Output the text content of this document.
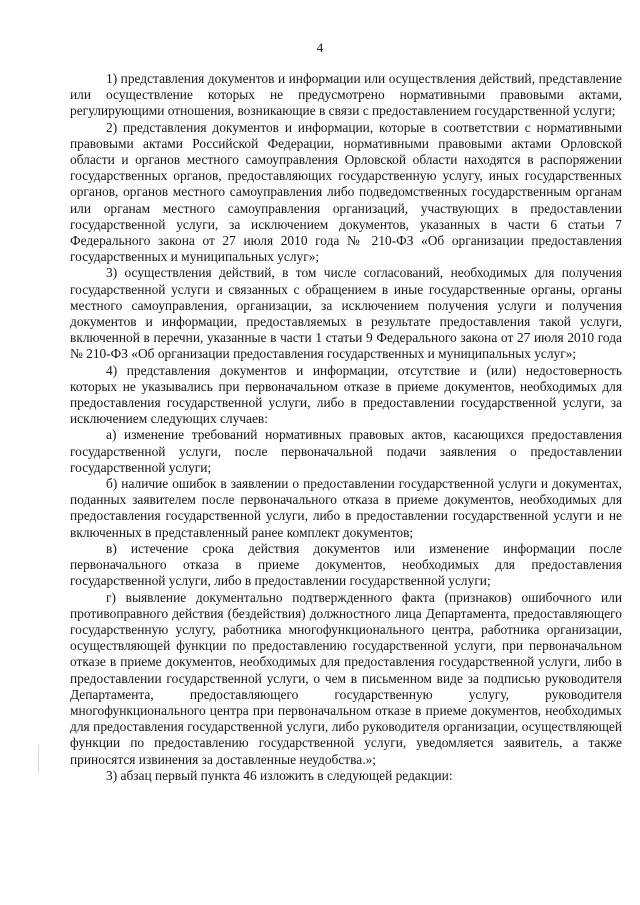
4

1) представления документов и информации или осуществления действий, представление или осуществление которых не предусмотрено нормативными правовыми актами, регулирующими отношения, возникающие в связи с предоставлением государственной услуги;

2) представления документов и информации, которые в соответствии с нормативными правовыми актами Российской Федерации, нормативными правовыми актами Орловской области и органов местного самоуправления Орловской области находятся в распоряжении государственных органов, предоставляющих государственную услугу, иных государственных органов, органов местного самоуправления либо подведомственных государственным органам или органам местного самоуправления организаций, участвующих в предоставлении государственной услуги, за исключением документов, указанных в части 6 статьи 7 Федерального закона от 27 июля 2010 года № 210-ФЗ «Об организации предоставления государственных и муниципальных услуг»;

3) осуществления действий, в том числе согласований, необходимых для получения государственной услуги и связанных с обращением в иные государственные органы, органы местного самоуправления, организации, за исключением получения услуги и получения документов и информации, предоставляемых в результате предоставления такой услуги, включенной в перечни, указанные в части 1 статьи 9 Федерального закона от 27 июля 2010 года № 210-ФЗ «Об организации предоставления государственных и муниципальных услуг»;

4) представления документов и информации, отсутствие и (или) недостоверность которых не указывались при первоначальном отказе в приеме документов, необходимых для предоставления государственной услуги, либо в предоставлении государственной услуги, за исключением следующих случаев:

а) изменение требований нормативных правовых актов, касающихся предоставления государственной услуги, после первоначальной подачи заявления о предоставлении государственной услуги;

б) наличие ошибок в заявлении о предоставлении государственной услуги и документах, поданных заявителем после первоначального отказа в приеме документов, необходимых для предоставления государственной услуги, либо в предоставлении государственной услуги и не включенных в представленный ранее комплект документов;

в) истечение срока действия документов или изменение информации после первоначального отказа в приеме документов, необходимых для предоставления государственной услуги, либо в предоставлении государственной услуги;

г) выявление документально подтвержденного факта (признаков) ошибочного или противоправного действия (бездействия) должностного лица Департамента, предоставляющего государственную услугу, работника многофункционального центра, работника организации, осуществляющей функции по предоставлению государственной услуги, при первоначальном отказе в приеме документов, необходимых для предоставления государственной услуги, либо в предоставлении государственной услуги, о чем в письменном виде за подписью руководителя Департамента, предоставляющего государственную услугу, руководителя многофункционального центра при первоначальном отказе в приеме документов, необходимых для предоставления государственной услуги, либо руководителя организации, осуществляющей функции по предоставлению государственной услуги, уведомляется заявитель, а также приносятся извинения за доставленные неудобства.»;

3) абзац первый пункта 46 изложить в следующей редакции:
